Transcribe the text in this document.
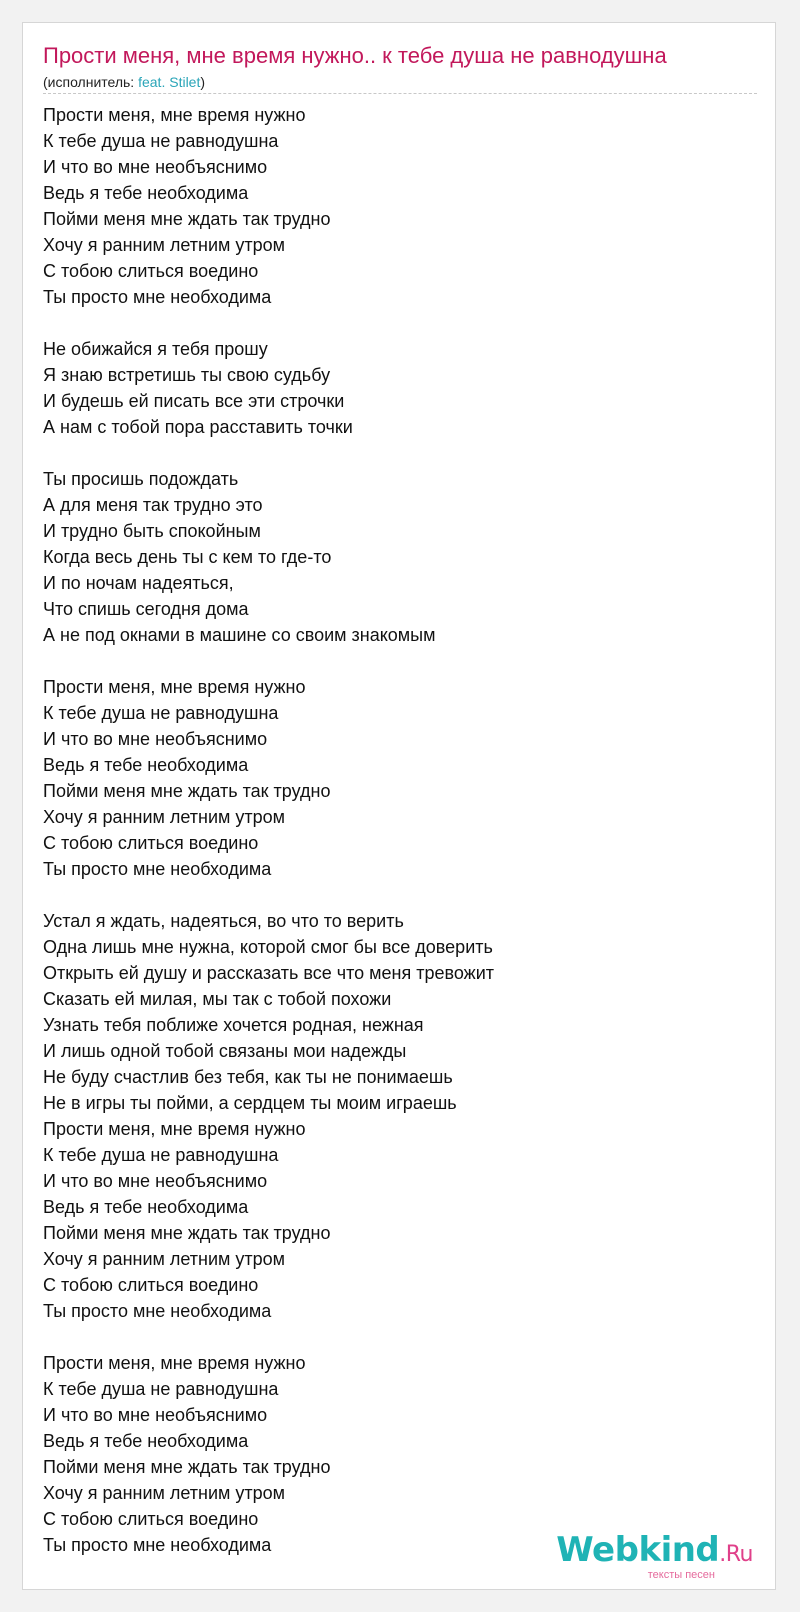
Прости меня, мне время нужно.. к тебе душа не равнодушна
(исполнитель: feat. Stilet)
Прости меня, мне время нужно
К тебе душа не равнодушна
И что во мне необъяснимо
Ведь я тебе необходима
Пойми меня мне ждать так трудно
Хочу я ранним летним утром
С тобою слиться воедино
Ты просто мне необходима
Не обижайся я тебя прошу
Я знаю встретишь ты свою судьбу
И будешь ей писать все эти строчки
А нам с тобой пора расставить точки
Ты просишь подождать
А для меня так трудно это
И трудно быть спокойным
Когда весь день ты с кем то где-то
И по ночам надеяться,
Что спишь сегодня дома
А не под окнами в машине со своим знакомым
Прости меня, мне время нужно
К тебе душа не равнодушна
И что во мне необъяснимо
Ведь я тебе необходима
Пойми меня мне ждать так трудно
Хочу я ранним летним утром
С тобою слиться воедино
Ты просто мне необходима
Устал я ждать, надеяться, во что то верить
Одна лишь мне нужна, которой смог бы все доверить
Открыть ей душу и рассказать все что меня тревожит
Сказать ей милая, мы так с тобой похожи
Узнать тебя поближе хочется родная, нежная
И лишь одной тобой связаны мои надежды
Не буду счастлив без тебя, как ты не понимаешь
Не в игры ты пойми, а сердцем ты моим играешь
Прости меня, мне время нужно
К тебе душа не равнодушна
И что во мне необъяснимо
Ведь я тебе необходима
Пойми меня мне ждать так трудно
Хочу я ранним летним утром
С тобою слиться воедино
Ты просто мне необходима
Прости меня, мне время нужно
К тебе душа не равнодушна
И что во мне необъяснимо
Ведь я тебе необходима
Пойми меня мне ждать так трудно
Хочу я ранним летним утром
С тобою слиться воедино
Ты просто мне необходима	Webkind.Ru
тексты песен
